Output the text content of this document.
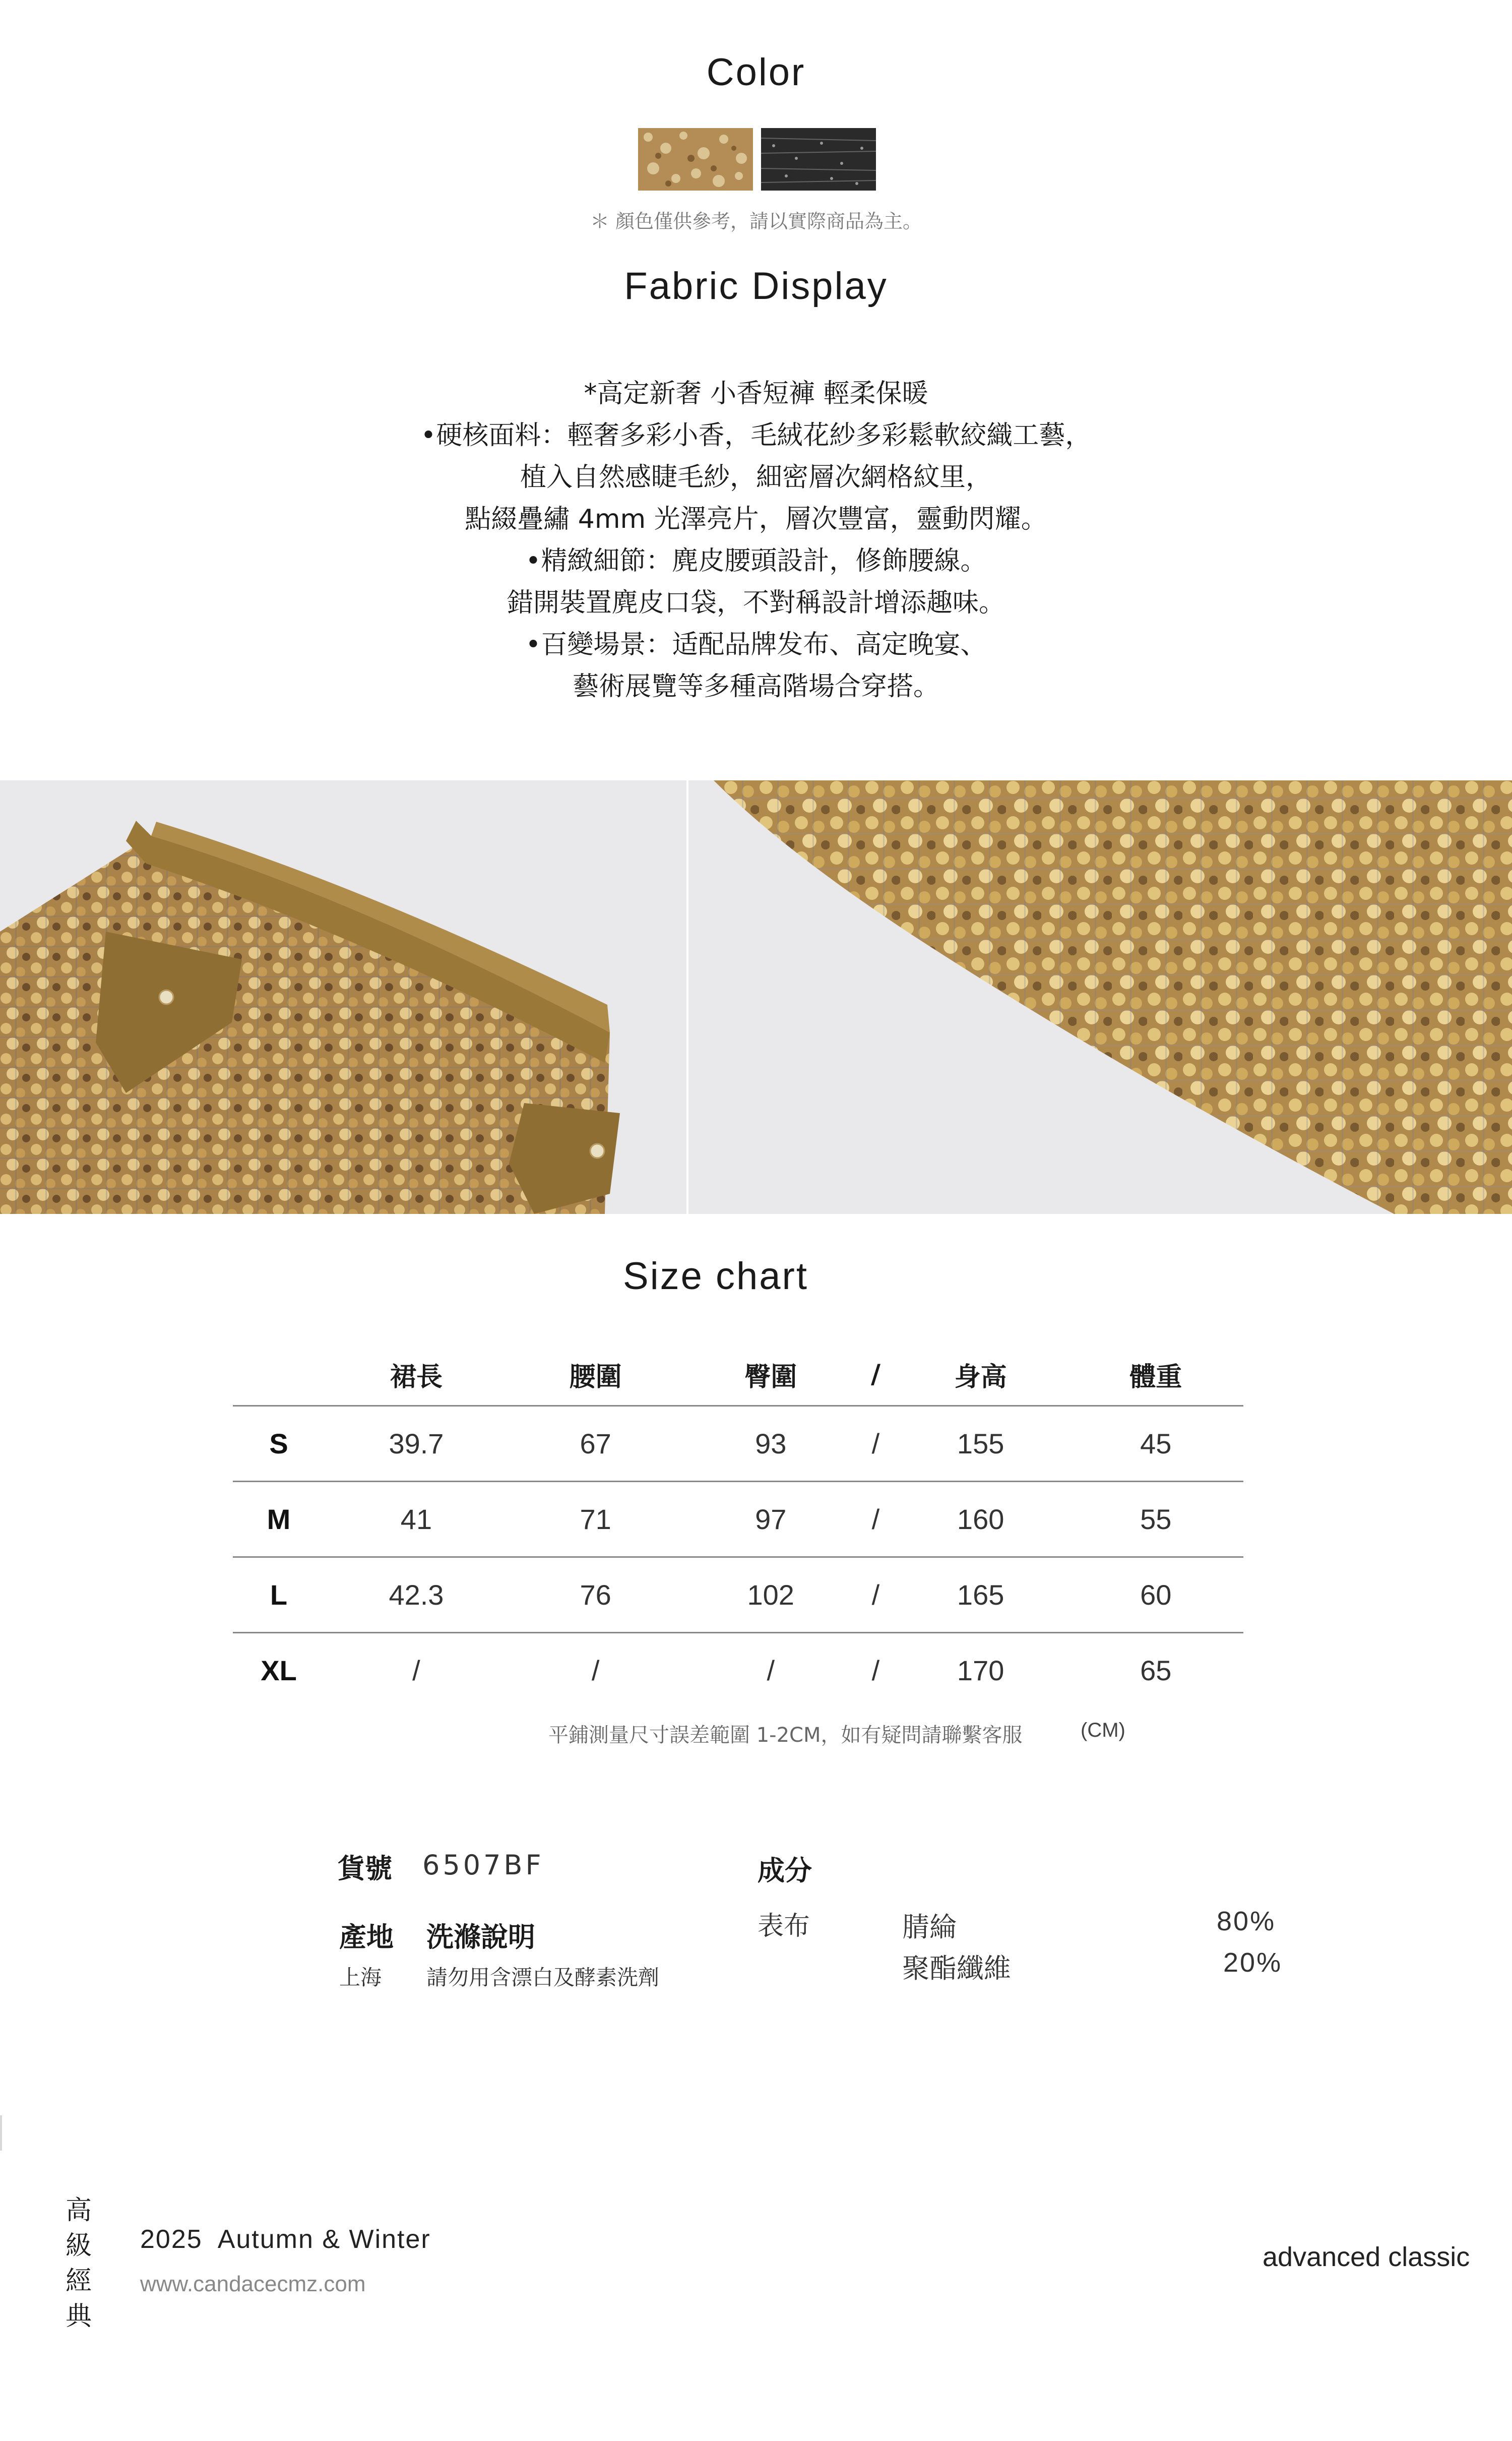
Color
＊ 顏色僅供參考，請以實際商品為主。
Fabric Display
*高定新奢 小香短褲 輕柔保暖
•硬核面料：輕奢多彩小香，毛絨花紗多彩鬆軟絞織工藝，
植入自然感睫毛紗，細密層次網格紋里，
點綴疊繡 4mm 光澤亮片，層次豐富，靈動閃耀。
•精緻細節：麂皮腰頭設計，修飾腰線。
錯開裝置麂皮口袋，不對稱設計增添趣味。
•百變場景：适配品牌发布、高定晚宴、
藝術展覽等多種高階場合穿搭。
Size chart
	裙長	腰圍	臀圍	/	身高	體重
S	39.7	67	93	/	155	45
M	41	71	97	/	160	55
L	42.3	76	102	/	165	60
XL	/	/	/	/	170	65
平鋪測量尺寸誤差範圍 1-2CM，如有疑問請聯繫客服	(CM)
貨號 6507BF
產地 洗滌說明
上海 請勿用含漂白及酵素洗劑
成分
表布	腈綸	80%
聚酯纖維	20%
高
級
經
典
2025  Autumn & Winter
www.candacecmz.com
advanced classic
